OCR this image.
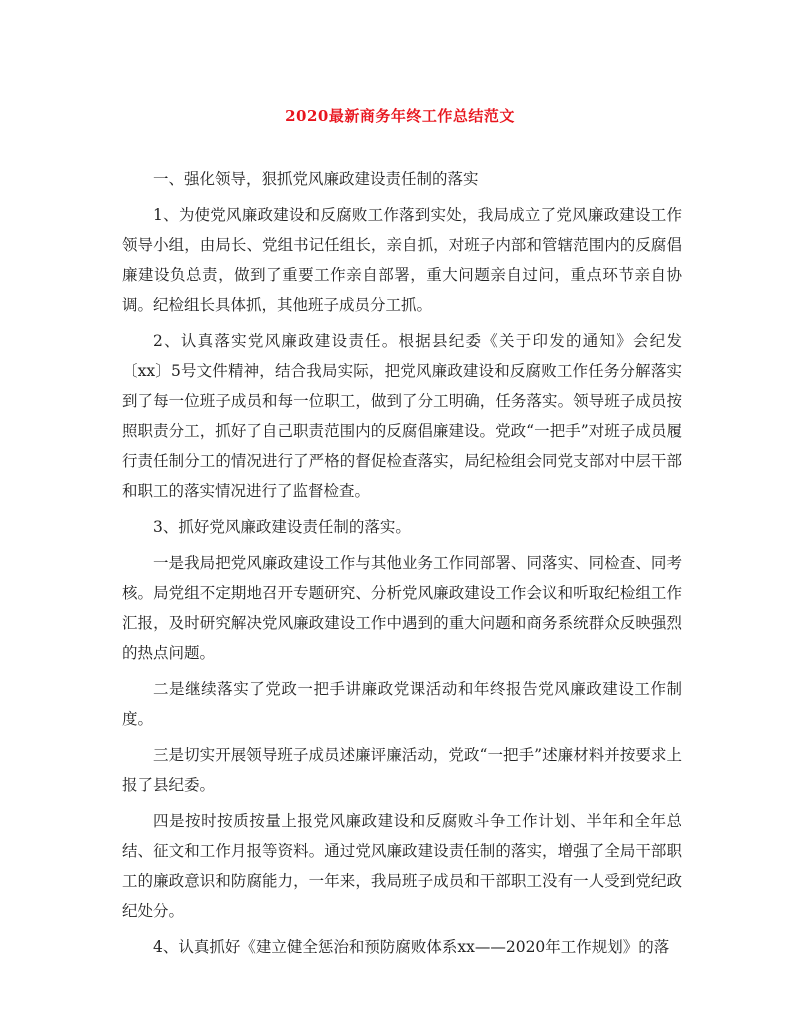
2020最新商务年终工作总结范文

一、强化领导，狠抓党风廉政建设责任制的落实

1、为使党风廉政建设和反腐败工作落到实处，我局成立了党风廉政建设工作领导小组，由局长、党组书记任组长，亲自抓，对班子内部和管辖范围内的反腐倡廉建设负总责，做到了重要工作亲自部署，重大问题亲自过问，重点环节亲自协调。纪检组长具体抓，其他班子成员分工抓。

2、认真落实党风廉政建设责任。根据县纪委《关于印发的通知》会纪发〔xx〕5号文件精神，结合我局实际，把党风廉政建设和反腐败工作任务分解落实到了每一位班子成员和每一位职工，做到了分工明确，任务落实。领导班子成员按照职责分工，抓好了自己职责范围内的反腐倡廉建设。党政“一把手”对班子成员履行责任制分工的情况进行了严格的督促检查落实，局纪检组会同党支部对中层干部和职工的落实情况进行了监督检查。

3、抓好党风廉政建设责任制的落实。

一是我局把党风廉政建设工作与其他业务工作同部署、同落实、同检查、同考核。局党组不定期地召开专题研究、分析党风廉政建设工作会议和听取纪检组工作汇报，及时研究解决党风廉政建设工作中遇到的重大问题和商务系统群众反映强烈的热点问题。

二是继续落实了党政一把手讲廉政党课活动和年终报告党风廉政建设工作制度。

三是切实开展领导班子成员述廉评廉活动，党政“一把手”述廉材料并按要求上报了县纪委。

四是按时按质按量上报党风廉政建设和反腐败斗争工作计划、半年和全年总结、征文和工作月报等资料。通过党风廉政建设责任制的落实，增强了全局干部职工的廉政意识和防腐能力，一年来，我局班子成员和干部职工没有一人受到党纪政纪处分。

4、认真抓好《建立健全惩治和预防腐败体系xx——2020年工作规划》的落
